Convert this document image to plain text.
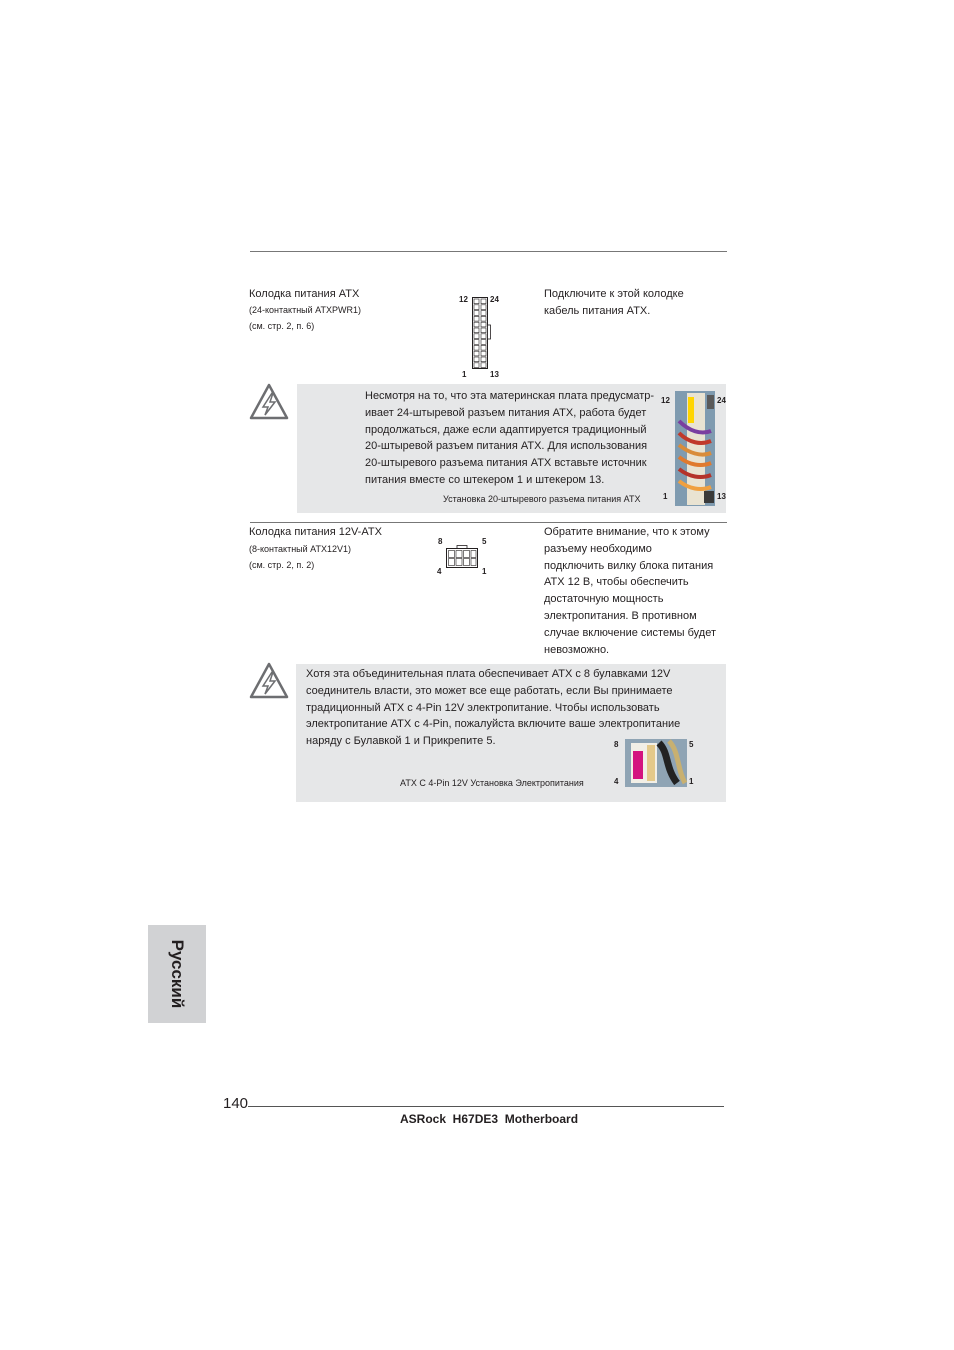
Колодка питания ATX
(24-контактный ATXPWR1)
(см. стр. 2, п. 6)
12	24
1	13
Подключите к этой колодке
кабель питания ATX.
Несмотря на то, что эта материнская плата предусматр-
ивает 24-штыревой разъем питания ATX, работа будет
продолжаться, даже если адаптируется традиционный
20-штыревой разъем питания ATX. Для использования
20-штыревого разъема питания ATX вставьте источник
питания вместе со штекером 1 и штекером 13.
Установка 20-штыревого разъема питания ATX
12	24
1	13
Колодка питания 12V-ATX
(8-контактный ATX12V1)
(см. стр. 2, п. 2)
8	5
4	1
Обратите внимание, что к этому
разъему необходимо
подключить вилку блока питания
ATX 12 В, чтобы обеспечить
достаточную мощность
электропитания. В противном
случае включение системы будет
невозможно.
Хотя эта объединительная плата обеспечивает ATX с 8 булавками 12V
соединитель власти, это может все еще работать, если Вы принимаете
традиционный ATX с 4-Pin 12V электропитание. Чтобы использовать
электропитание ATX с 4-Pin, пожалуйста включите ваше электропитание
наряду с Булавкой 1 и Прикрепите 5.
ATX С 4-Pin 12V Установка Электропитания
8	5
4	1
Русский
140
ASRock  H67DE3  Motherboard
